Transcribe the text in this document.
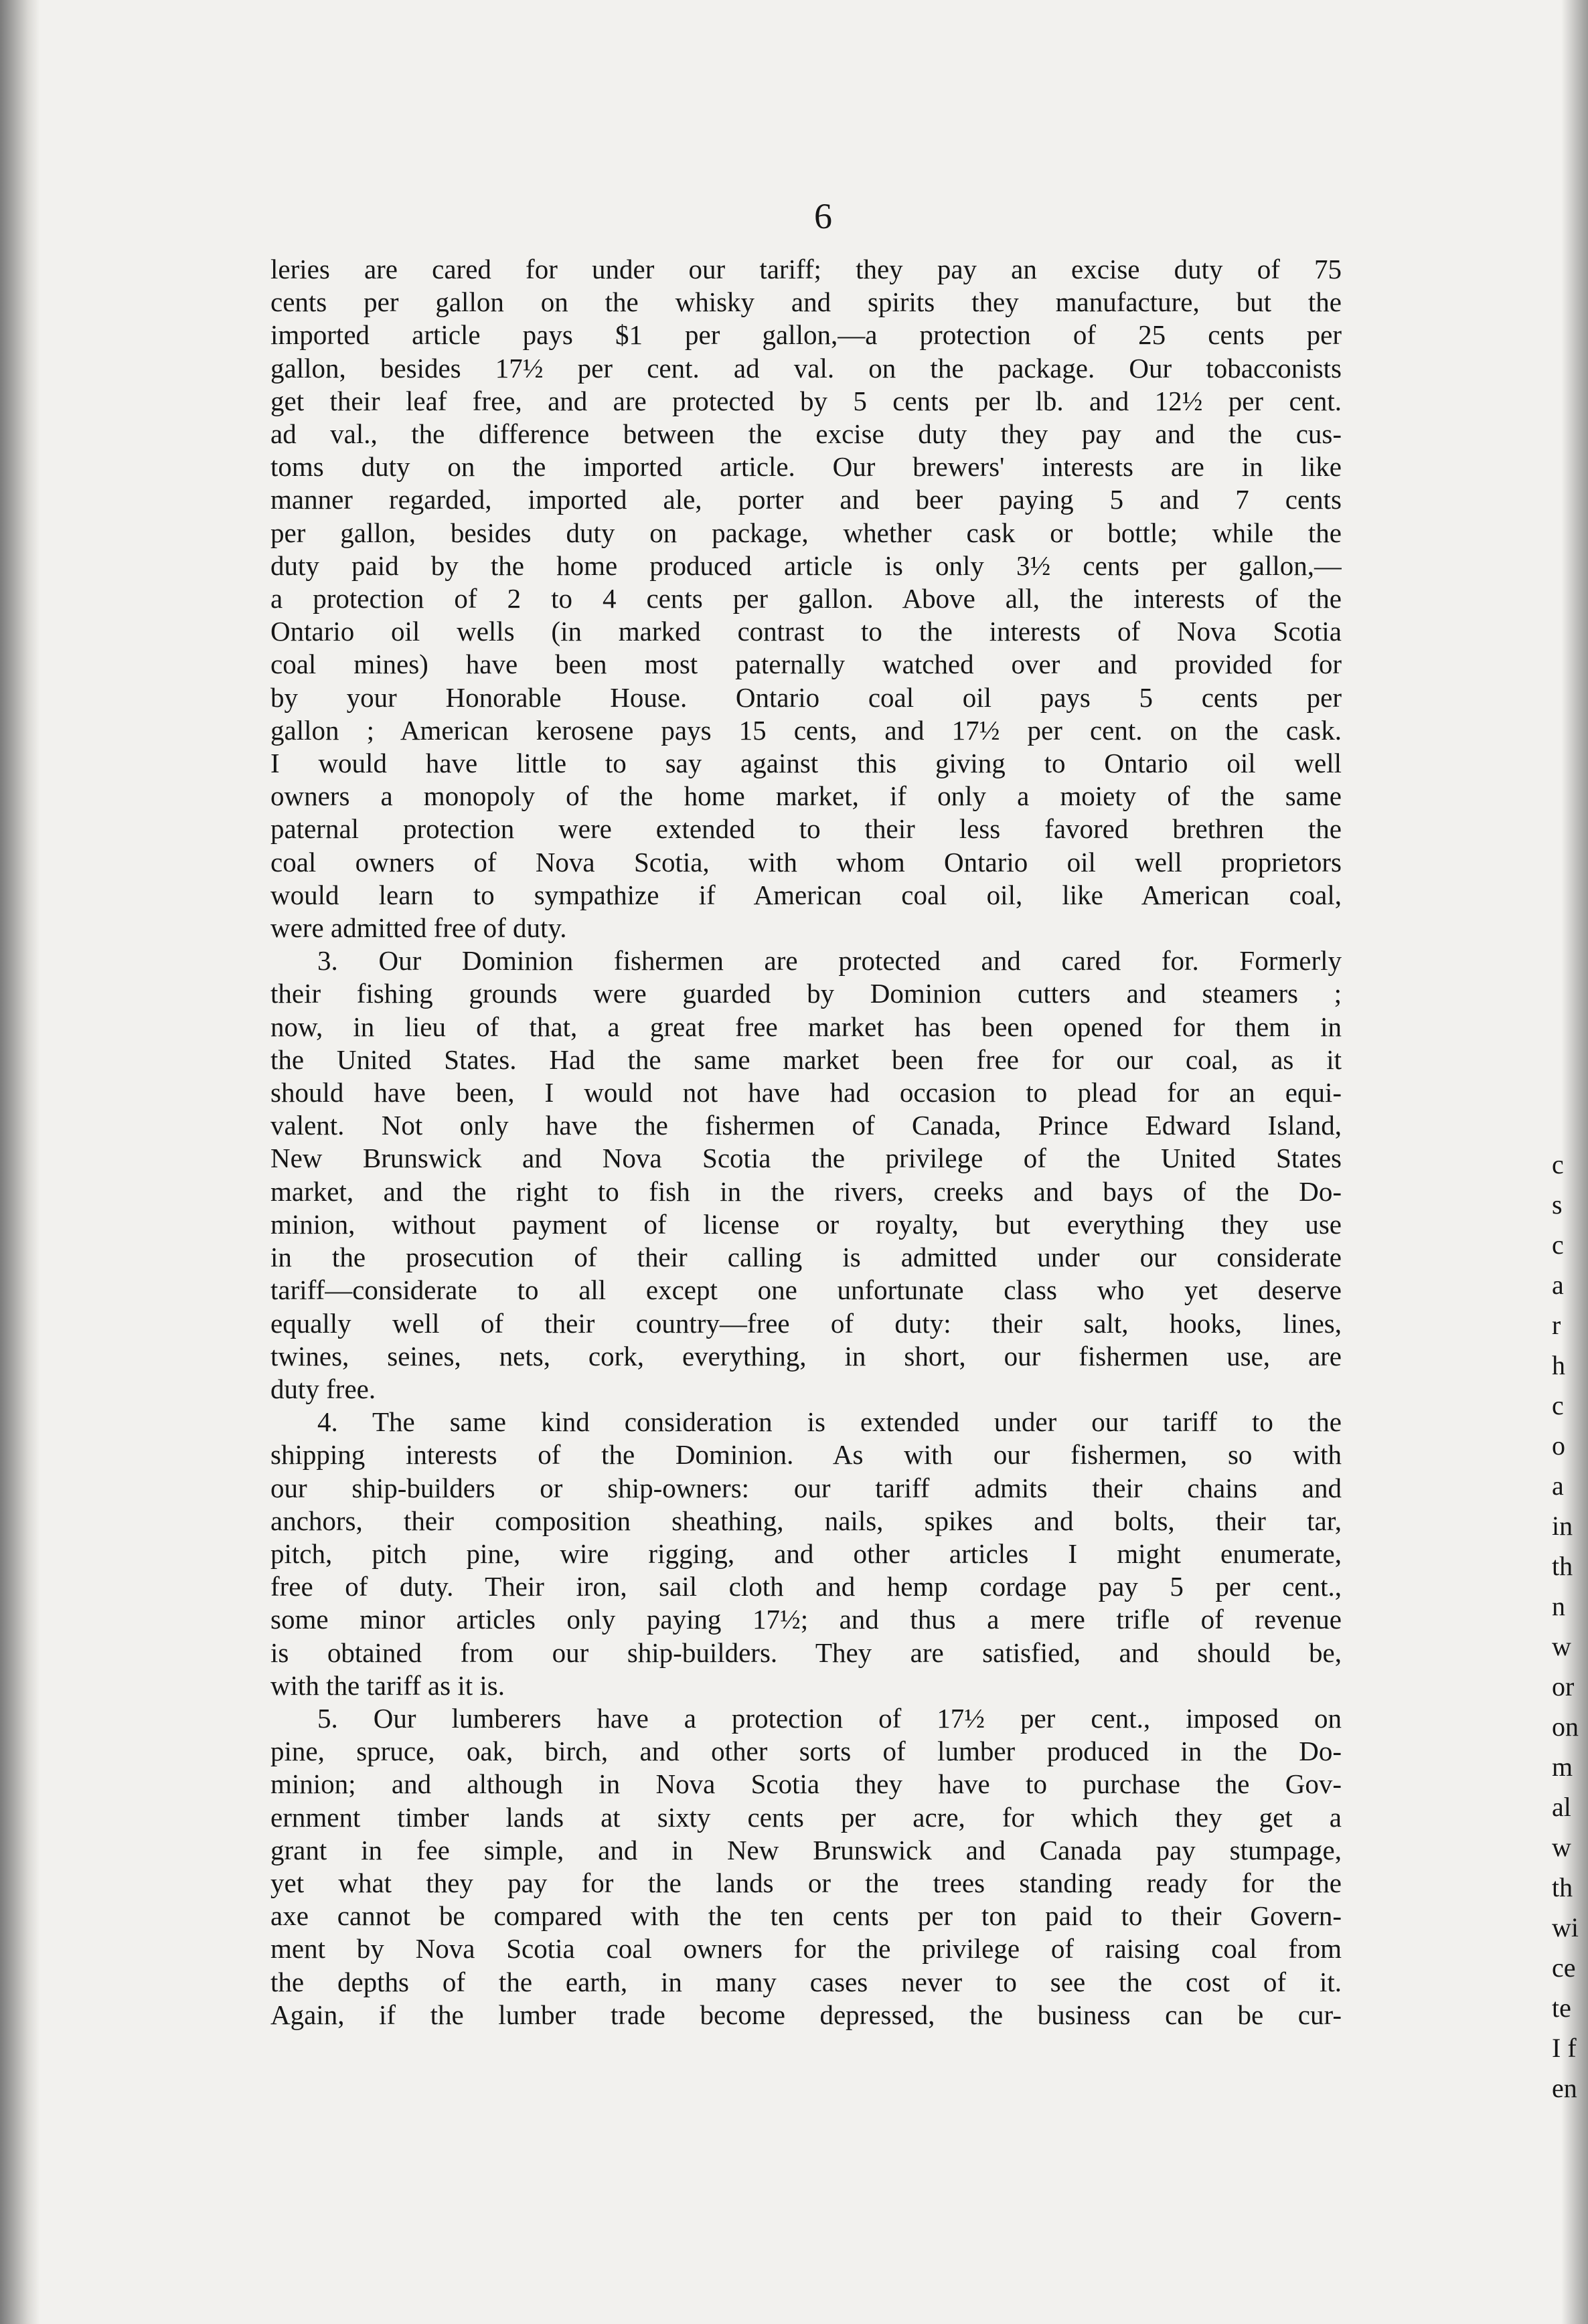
6
leries are cared for under our tariff; they pay an excise duty of 75
cents per gallon on the whisky and spirits they manufacture, but the
imported article pays $1 per gallon,—a protection of 25 cents per
gallon, besides 17½ per cent. ad val. on the package. Our tobacconists
get their leaf free, and are protected by 5 cents per lb. and 12½ per cent.
ad val., the difference between the excise duty they pay and the cus-
toms duty on the imported article. Our brewers' interests are in like
manner regarded, imported ale, porter and beer paying 5 and 7 cents
per gallon, besides duty on package, whether cask or bottle; while the
duty paid by the home produced article is only 3½ cents per gallon,—
a protection of 2 to 4 cents per gallon. Above all, the interests of the
Ontario oil wells (in marked contrast to the interests of Nova Scotia
coal mines) have been most paternally watched over and provided for
by your Honorable House. Ontario coal oil pays 5 cents per
gallon ; American kerosene pays 15 cents, and 17½ per cent. on the cask.
I would have little to say against this giving to Ontario oil well
owners a monopoly of the home market, if only a moiety of the same
paternal protection were extended to their less favored brethren the
coal owners of Nova Scotia, with whom Ontario oil well proprietors
would learn to sympathize if American coal oil, like American coal,
were admitted free of duty.
3. Our Dominion fishermen are protected and cared for. Formerly
their fishing grounds were guarded by Dominion cutters and steamers ;
now, in lieu of that, a great free market has been opened for them in
the United States. Had the same market been free for our coal, as it
should have been, I would not have had occasion to plead for an equi-
valent. Not only have the fishermen of Canada, Prince Edward Island,
New Brunswick and Nova Scotia the privilege of the United States
market, and the right to fish in the rivers, creeks and bays of the Do-
minion, without payment of license or royalty, but everything they use
in the prosecution of their calling is admitted under our considerate
tariff—considerate to all except one unfortunate class who yet deserve
equally well of their country—free of duty: their salt, hooks, lines,
twines, seines, nets, cork, everything, in short, our fishermen use, are
duty free.
4. The same kind consideration is extended under our tariff to the
shipping interests of the Dominion. As with our fishermen, so with
our ship-builders or ship-owners: our tariff admits their chains and
anchors, their composition sheathing, nails, spikes and bolts, their tar,
pitch, pitch pine, wire rigging, and other articles I might enumerate,
free of duty. Their iron, sail cloth and hemp cordage pay 5 per cent.,
some minor articles only paying 17½; and thus a mere trifle of revenue
is obtained from our ship-builders. They are satisfied, and should be,
with the tariff as it is.
5. Our lumberers have a protection of 17½ per cent., imposed on
pine, spruce, oak, birch, and other sorts of lumber produced in the Do-
minion; and although in Nova Scotia they have to purchase the Gov-
ernment timber lands at sixty cents per acre, for which they get a
grant in fee simple, and in New Brunswick and Canada pay stumpage,
yet what they pay for the lands or the trees standing ready for the
axe cannot be compared with the ten cents per ton paid to their Govern-
ment by Nova Scotia coal owners for the privilege of raising coal from
the depths of the earth, in many cases never to see the cost of it.
Again, if the lumber trade become depressed, the business can be cur-
c
s
c
a
r
h
c
o
a
in
th
n
w
or
on
m
al
w
th
wi
ce
te
I f
en
